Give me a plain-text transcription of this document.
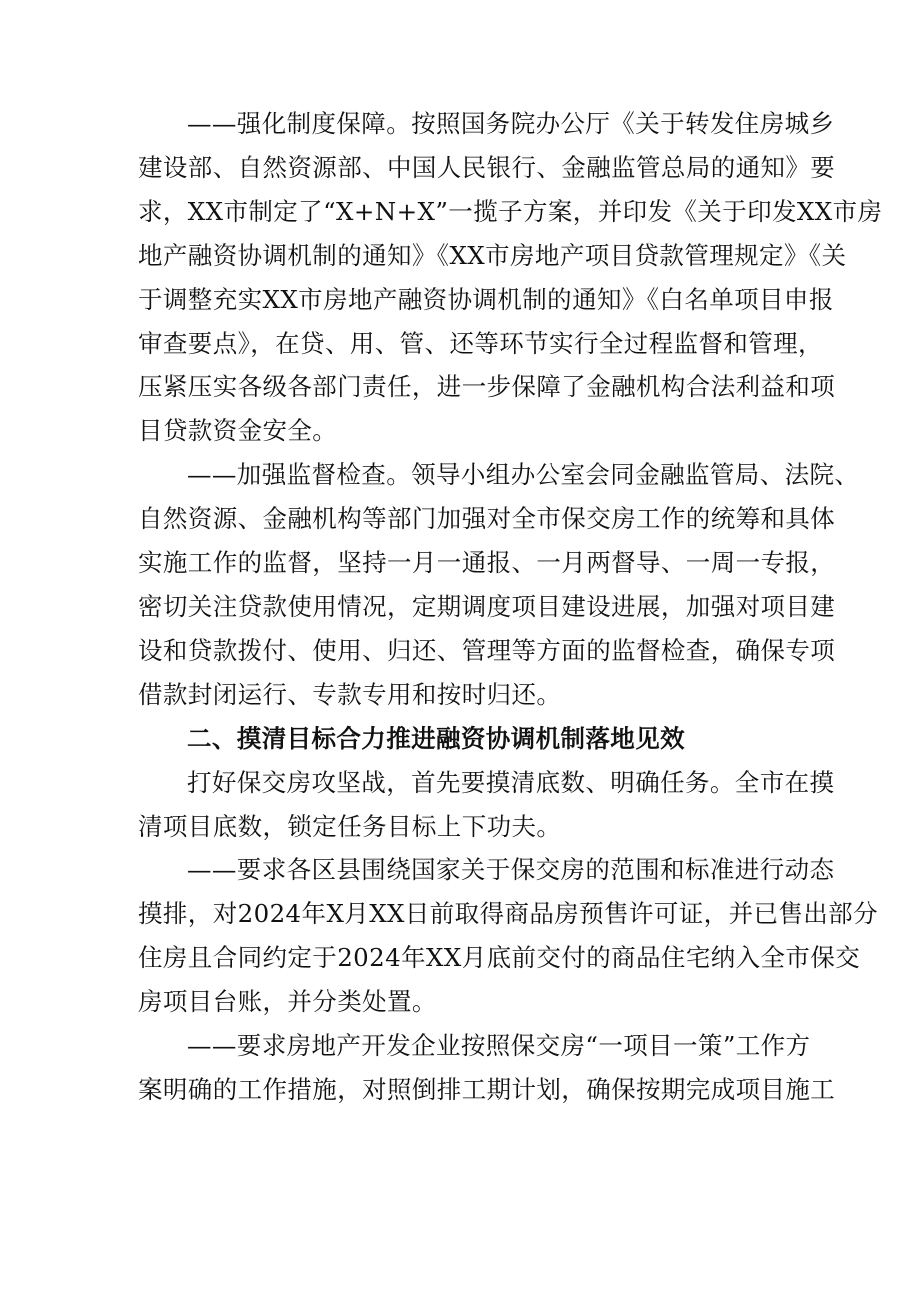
——强化制度保障。按照国务院办公厅《关于转发住房城乡
建设部、自然资源部、中国人民银行、金融监管总局的通知》要
求，XX市制定了“X+N+X”一揽子方案，并印发《关于印发XX市房
地产融资协调机制的通知》《XX市房地产项目贷款管理规定》《关
于调整充实XX市房地产融资协调机制的通知》《白名单项目申报
审查要点》，在贷、用、管、还等环节实行全过程监督和管理，
压紧压实各级各部门责任，进一步保障了金融机构合法利益和项
目贷款资金安全。
——加强监督检查。领导小组办公室会同金融监管局、法院、
自然资源、金融机构等部门加强对全市保交房工作的统筹和具体
实施工作的监督，坚持一月一通报、一月两督导、一周一专报，
密切关注贷款使用情况，定期调度项目建设进展，加强对项目建
设和贷款拨付、使用、归还、管理等方面的监督检查，确保专项
借款封闭运行、专款专用和按时归还。
二、摸清目标合力推进融资协调机制落地见效
打好保交房攻坚战，首先要摸清底数、明确任务。全市在摸
清项目底数，锁定任务目标上下功夫。
——要求各区县围绕国家关于保交房的范围和标准进行动态
摸排，对2024年X月XX日前取得商品房预售许可证，并已售出部分
住房且合同约定于2024年XX月底前交付的商品住宅纳入全市保交
房项目台账，并分类处置。
——要求房地产开发企业按照保交房“一项目一策”工作方
案明确的工作措施，对照倒排工期计划，确保按期完成项目施工
